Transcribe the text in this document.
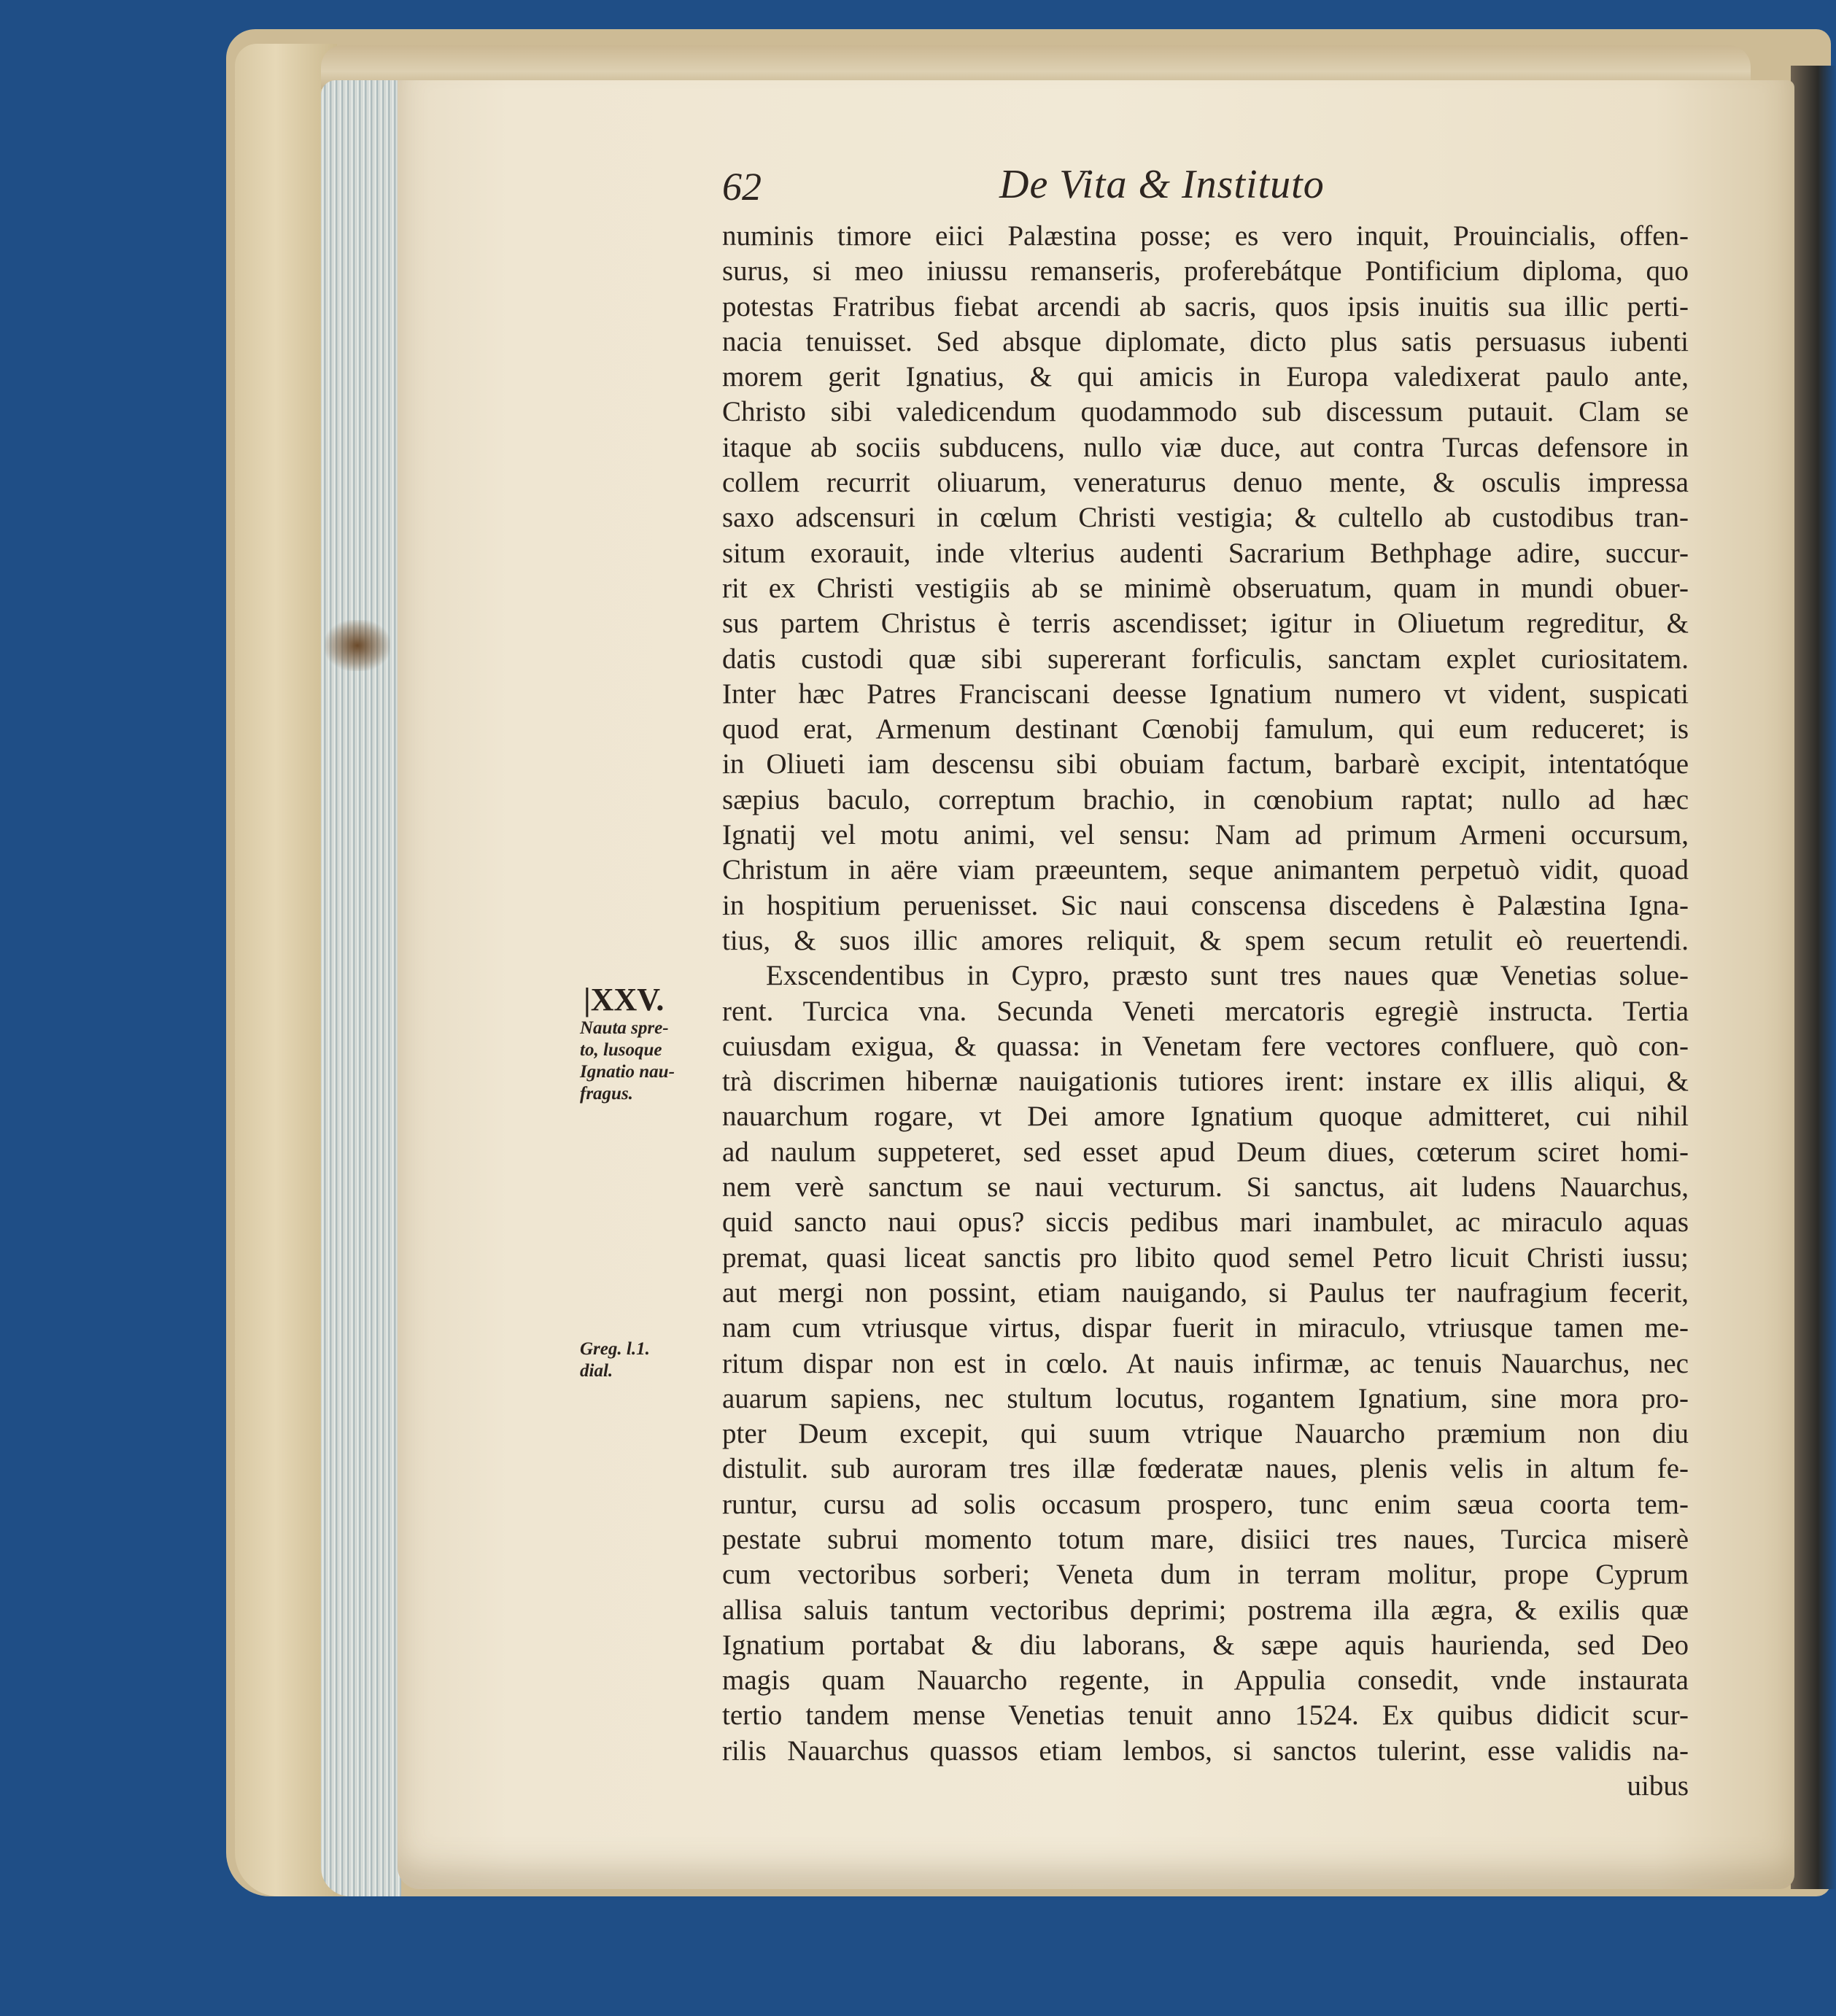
62	De Vita & Instituto
|XXV.
Nauta spre-
to, lusoque
Ignatio nau-
fragus.
Greg. l.1.
dial.
numinis timore eiici Palæstina posse; es vero inquit, Prouincialis, offen-
surus, si meo iniussu remanseris, proferebátque Pontificium diploma, quo
potestas Fratribus fiebat arcendi ab sacris, quos ipsis inuitis sua illic perti-
nacia tenuisset. Sed absque diplomate, dicto plus satis persuasus iubenti
morem gerit Ignatius, & qui amicis in Europa valedixerat paulo ante,
Christo sibi valedicendum quodammodo sub discessum putauit. Clam se
itaque ab sociis subducens, nullo viæ duce, aut contra Turcas defensore in
collem recurrit oliuarum, veneraturus denuo mente, & osculis impressa
saxo adscensuri in cœlum Christi vestigia; & cultello ab custodibus tran-
situm exorauit, inde vlterius audenti Sacrarium Bethphage adire, succur-
rit ex Christi vestigiis ab se minimè obseruatum, quam in mundi obuer-
sus partem Christus è terris ascendisset; igitur in Oliuetum regreditur, &
datis custodi quæ sibi supererant forficulis, sanctam explet curiositatem.
Inter hæc Patres Franciscani deesse Ignatium numero vt vident, suspicati
quod erat, Armenum destinant Cœnobij famulum, qui eum reduceret; is
in Oliueti iam descensu sibi obuiam factum, barbarè excipit, intentatóque
sæpius baculo, correptum brachio, in cœnobium raptat; nullo ad hæc
Ignatij vel motu animi, vel sensu: Nam ad primum Armeni occursum,
Christum in aëre viam præeuntem, seque animantem perpetuò vidit, quoad
in hospitium peruenisset. Sic naui conscensa discedens è Palæstina Igna-
tius, & suos illic amores reliquit, & spem secum retulit eò reuertendi.
Exscendentibus in Cypro, præsto sunt tres naues quæ Venetias solue-
rent. Turcica vna. Secunda Veneti mercatoris egregiè instructa. Tertia
cuiusdam exigua, & quassa: in Venetam fere vectores confluere, quò con-
trà discrimen hibernæ nauigationis tutiores irent: instare ex illis aliqui, &
nauarchum rogare, vt Dei amore Ignatium quoque admitteret, cui nihil
ad naulum suppeteret, sed esset apud Deum diues, cœterum sciret homi-
nem verè sanctum se naui vecturum. Si sanctus, ait ludens Nauarchus,
quid sancto naui opus? siccis pedibus mari inambulet, ac miraculo aquas
premat, quasi liceat sanctis pro libito quod semel Petro licuit Christi iussu;
aut mergi non possint, etiam nauigando, si Paulus ter naufragium fecerit,
nam cum vtriusque virtus, dispar fuerit in miraculo, vtriusque tamen me-
ritum dispar non est in cœlo. At nauis infirmæ, ac tenuis Nauarchus, nec
auarum sapiens, nec stultum locutus, rogantem Ignatium, sine mora pro-
pter Deum excepit, qui suum vtrique Nauarcho præmium non diu
distulit. sub auroram tres illæ fœderatæ naues, plenis velis in altum fe-
runtur, cursu ad solis occasum prospero, tunc enim sæua coorta tem-
pestate subrui momento totum mare, disiici tres naues, Turcica miserè
cum vectoribus sorberi; Veneta dum in terram molitur, prope Cyprum
allisa saluis tantum vectoribus deprimi; postrema illa ægra, & exilis quæ
Ignatium portabat & diu laborans, & sæpe aquis haurienda, sed Deo
magis quam Nauarcho regente, in Appulia consedit, vnde instaurata
tertio tandem mense Venetias tenuit anno 1524. Ex quibus didicit scur-
rilis Nauarchus quassos etiam lembos, si sanctos tulerint, esse validis na-
uibus
